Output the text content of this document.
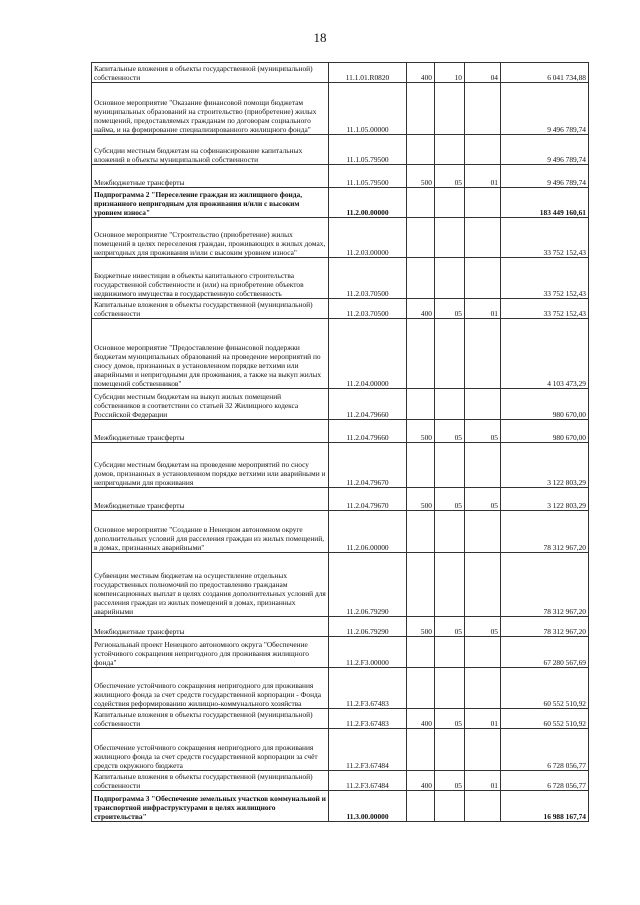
18
Капитальные вложения в объекты государственной (муниципальной) собственности	11.1.01.R0820	400	10	04	6 041 734,88
Основное мероприятие "Оказание финансовой помощи бюджетам муниципальных образований на строительство (приобретение) жилых помещений, предоставляемых гражданам по договорам социального найма, и на формирование специализированного жилищного фонда"	11.1.05.00000				9 496 789,74
Субсидии местным бюджетам на софинансирование капитальных вложений в объекты муниципальной собственности	11.1.05.79500				9 496 789,74
Межбюджетные трансферты	11.1.05.79500	500	05	01	9 496 789,74
Подпрограмма 2 "Переселение граждан из жилищного фонда, признанного непригодным для проживания и/или с высоким уровнем износа"	11.2.00.00000				183 449 160,61
Основное мероприятие "Строительство (приобретение) жилых помещений в целях переселения граждан, проживающих в жилых домах, непригодных для проживания и/или с высоким уровнем износа"	11.2.03.00000				33 752 152,43
Бюджетные инвестиции в объекты капитального строительства государственной собственности и (или) на приобретение объектов недвижимого имущества в государственную собственность	11.2.03.70500				33 752 152,43
Капитальные вложения в объекты государственной (муниципальной) собственности	11.2.03.70500	400	05	01	33 752 152,43
Основное мероприятие "Предоставление финансовой поддержки бюджетам муниципальных образований на проведение мероприятий по сносу домов, признанных в установленном порядке ветхими или аварийными и непригодными для проживания, а также на выкуп жилых помещений собственников"	11.2.04.00000				4 103 473,29
Субсидии местным бюджетам на выкуп жилых помещений собственников в соответствии со статьей 32 Жилищного кодекса Российской Федерации	11.2.04.79660				980 670,00
Межбюджетные трансферты	11.2.04.79660	500	05	05	980 670,00
Субсидии местным бюджетам на проведение мероприятий по сносу домов, признанных в установленном порядке ветхими или аварийными и непригодными для проживания	11.2.04.79670				3 122 803,29
Межбюджетные трансферты	11.2.04.79670	500	05	05	3 122 803,29
Основное мероприятие "Создание в Ненецком автономном округе дополнительных условий для расселения граждан из жилых помещений, в домах, признанных аварийными"	11.2.06.00000				78 312 967,20
Субвенции местным бюджетам на осуществление отдельных государственных полномочий по предоставлению гражданам компенсационных выплат в целях создания дополнительных условий для расселения граждан из жилых помещений в домах, признанных аварийными	11.2.06.79290				78 312 967,20
Межбюджетные трансферты	11.2.06.79290	500	05	05	78 312 967,20
Региональный проект Ненецкого автономного округа "Обеспечение устойчивого сокращения непригодного для проживания жилищного фонда"	11.2.F3.00000				67 280 567,69
Обеспечение устойчивого сокращения непригодного для проживания жилищного фонда за счет средств государственной корпорации - Фонда содействия реформированию жилищно-коммунального хозяйства	11.2.F3.67483				60 552 510,92
Капитальные вложения в объекты государственной (муниципальной) собственности	11.2.F3.67483	400	05	01	60 552 510,92
Обеспечение устойчивого сокращения непригодного для проживания жилищного фонда за счет средств государственной корпорации за счёт средств окружного бюджета	11.2.F3.67484				6 728 056,77
Капитальные вложения в объекты государственной (муниципальной) собственности	11.2.F3.67484	400	05	01	6 728 056,77
Подпрограмма 3 "Обеспечение земельных участков коммунальной и транспортной инфраструктурами в целях жилищного строительства"	11.3.00.00000				16 988 167,74
